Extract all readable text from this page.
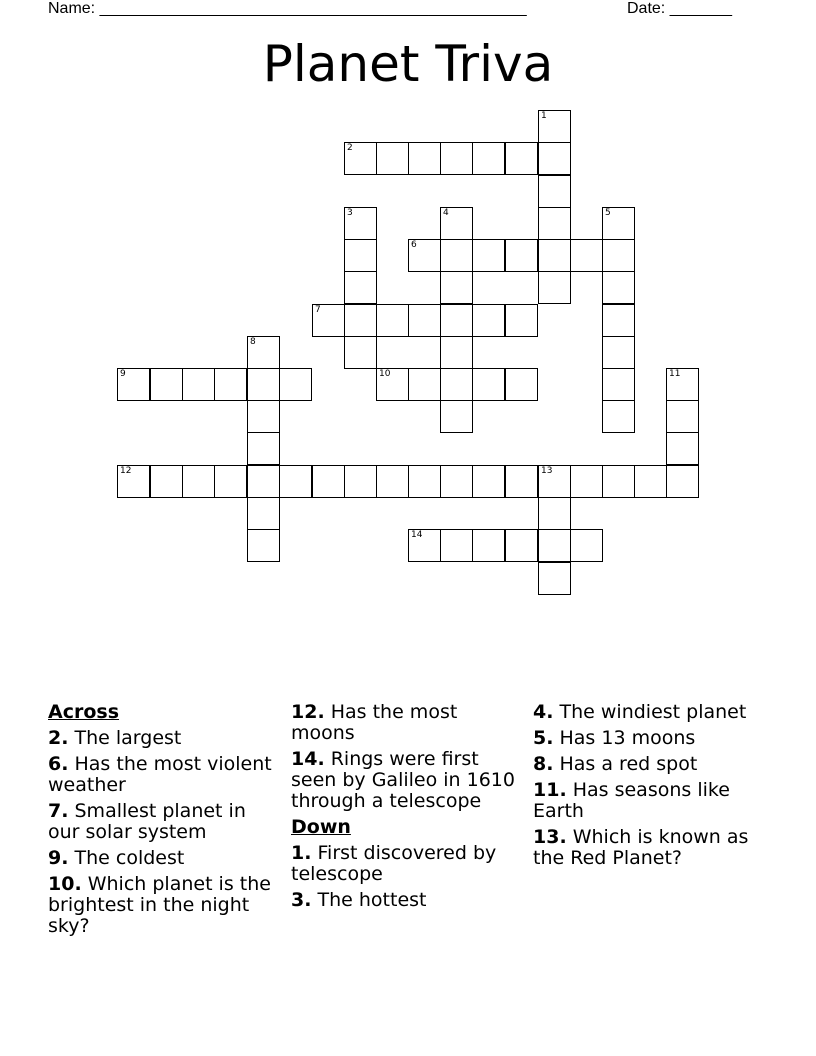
Name: ________________________________________________	Date: _______
Planet Triva
1
2
3	4	5
6
7
8
9	10	11
12	13
14
Across
2. The largest
6. Has the most violent weather
7. Smallest planet in our solar system
9. The coldest
10. Which planet is the brightest in the night sky?
12. Has the most moons
14. Rings were first seen by Galileo in 1610 through a telescope
Down
1. First discovered by telescope
3. The hottest
4. The windiest planet
5. Has 13 moons
8. Has a red spot
11. Has seasons like Earth
13. Which is known as the Red Planet?
